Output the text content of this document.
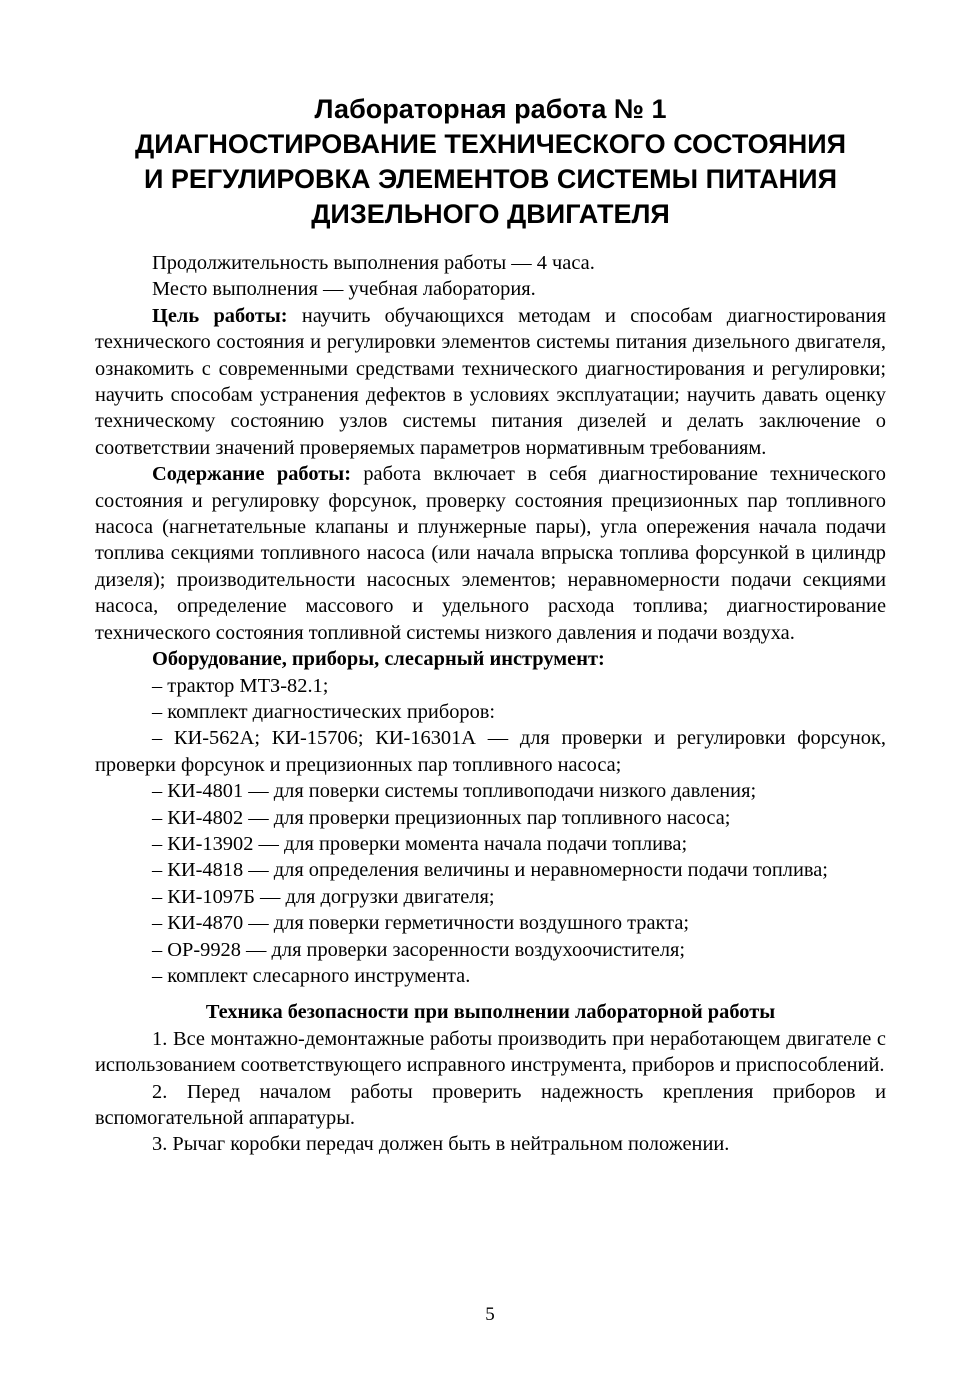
Лабораторная работа № 1
ДИАГНОСТИРОВАНИЕ ТЕХНИЧЕСКОГО СОСТОЯНИЯ
И РЕГУЛИРОВКА ЭЛЕМЕНТОВ СИСТЕМЫ ПИТАНИЯ
ДИЗЕЛЬНОГО ДВИГАТЕЛЯ

Продолжительность выполнения работы — 4 часа.

Место выполнения — учебная лаборатория.

Цель работы: научить обучающихся методам и способам диагностирования технического состояния и регулировки элементов системы питания дизельного двигателя, ознакомить с современными средствами технического диагностирования и регулировки; научить способам устранения дефектов в условиях эксплуатации; научить давать оценку техническому состоянию узлов системы питания дизелей и делать заключение о соответствии значений проверяемых параметров нормативным требованиям.

Содержание работы: работа включает в себя диагностирование технического состояния и регулировку форсунок, проверку состояния прецизионных пар топливного насоса (нагнетательные клапаны и плунжерные пары), угла опережения начала подачи топлива секциями топливного насоса (или начала впрыска топлива форсункой в цилиндр дизеля); производительности насосных элементов; неравномерности подачи секциями насоса, определение массового и удельного расхода топлива; диагностирование технического состояния топливной системы низкого давления и подачи воздуха.

Оборудование, приборы, слесарный инструмент:

– трактор МТЗ-82.1;

– комплект диагностических приборов:

– КИ-562А; КИ-15706; КИ-16301А — для проверки и регулировки форсунок, проверки форсунок и прецизионных пар топливного насоса;

– КИ-4801 — для поверки системы топливоподачи низкого давления;

– КИ-4802 — для проверки прецизионных пар топливного насоса;

– КИ-13902 — для проверки момента начала подачи топлива;

– КИ-4818 — для определения величины и неравномерности подачи топлива;

– КИ-1097Б — для догрузки двигателя;

– КИ-4870 — для поверки герметичности воздушного тракта;

– ОР-9928 — для проверки засоренности воздухоочистителя;

– комплект слесарного инструмента.

Техника безопасности при выполнении лабораторной работы

1. Все монтажно-демонтажные работы производить при неработающем двигателе с использованием соответствующего исправного инструмента, приборов и приспособлений.

2. Перед началом работы проверить надежность крепления приборов и вспомогательной аппаратуры.

3. Рычаг коробки передач должен быть в нейтральном положении.

5
